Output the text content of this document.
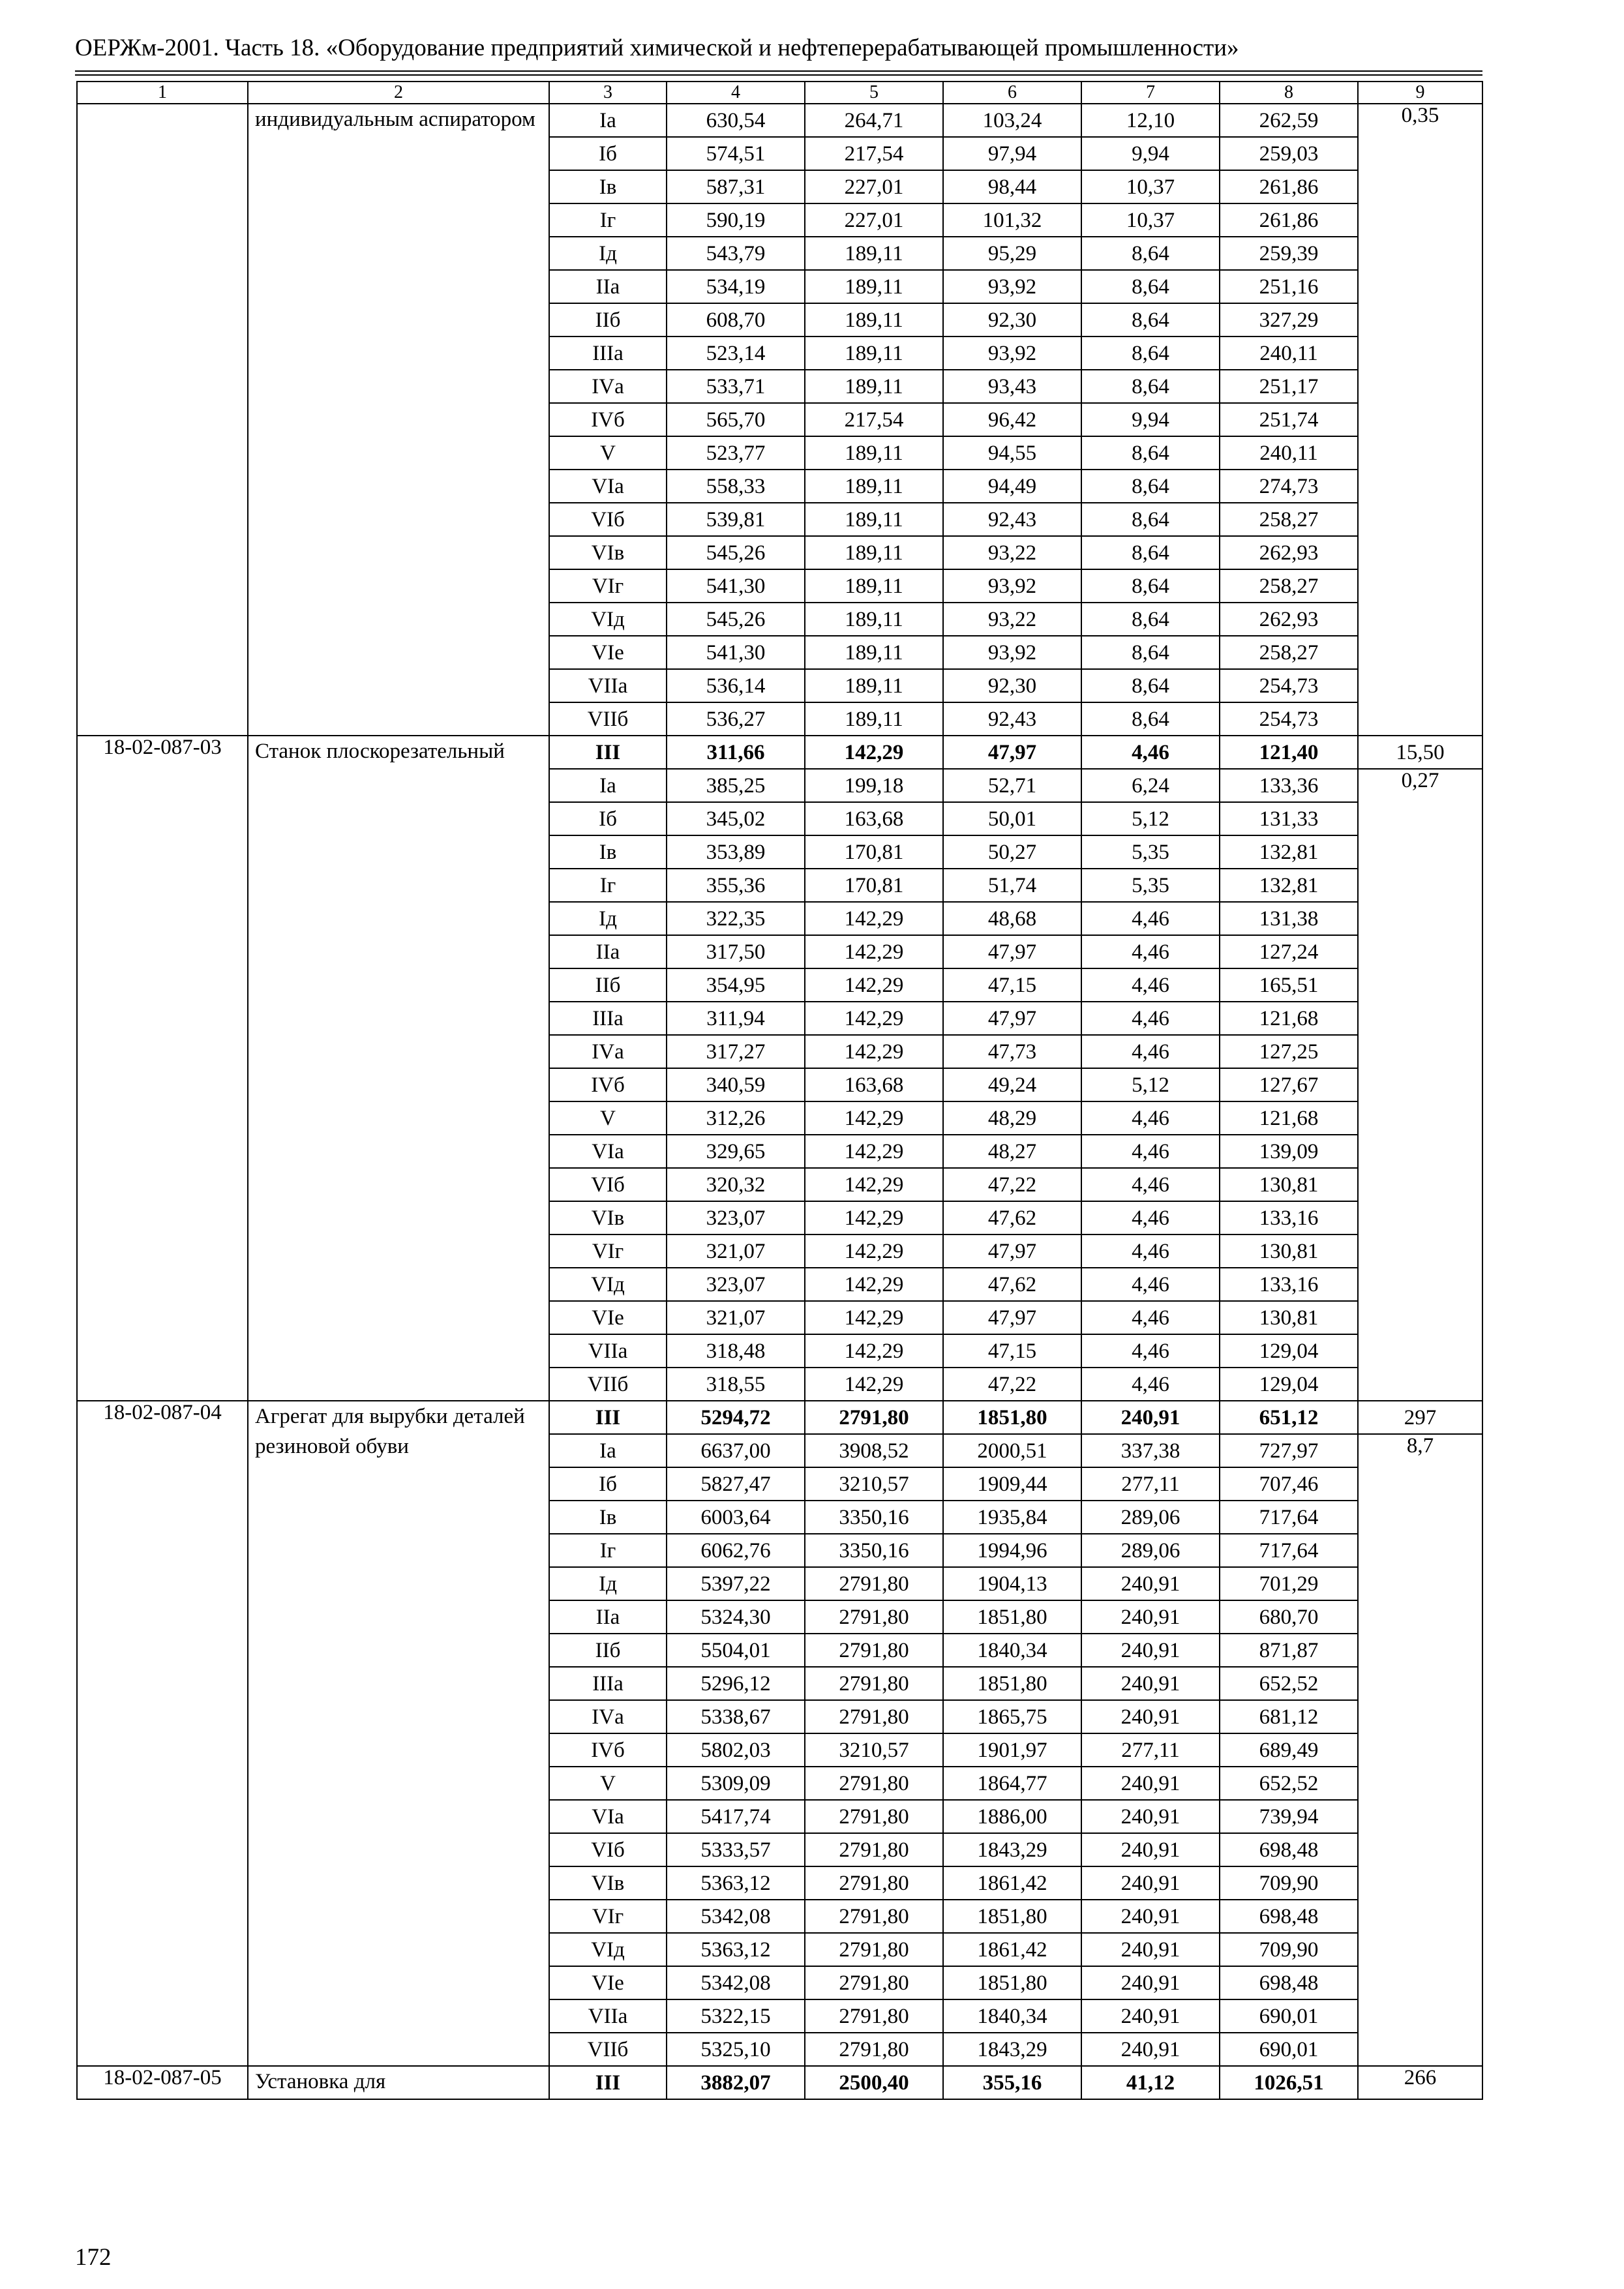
ОЕРЖм-2001. Часть 18. «Оборудование предприятий химической и нефтеперерабатывающей промышленности»
1	2	3	4	5	6	7	8	9
	индивидуальным аспиратором	Iа	630,54	264,71	103,24	12,10	262,59	0,35
		Iб	574,51	217,54	97,94	9,94	259,03	
		Iв	587,31	227,01	98,44	10,37	261,86	
		Iг	590,19	227,01	101,32	10,37	261,86	
		Iд	543,79	189,11	95,29	8,64	259,39	
		IIа	534,19	189,11	93,92	8,64	251,16	
		IIб	608,70	189,11	92,30	8,64	327,29	
		IIIа	523,14	189,11	93,92	8,64	240,11	
		IVа	533,71	189,11	93,43	8,64	251,17	
		IVб	565,70	217,54	96,42	9,94	251,74	
		V	523,77	189,11	94,55	8,64	240,11	
		VIа	558,33	189,11	94,49	8,64	274,73	
		VIб	539,81	189,11	92,43	8,64	258,27	
		VIв	545,26	189,11	93,22	8,64	262,93	
		VIг	541,30	189,11	93,92	8,64	258,27	
		VIд	545,26	189,11	93,22	8,64	262,93	
		VIе	541,30	189,11	93,92	8,64	258,27	
		VIIа	536,14	189,11	92,30	8,64	254,73	
		VIIб	536,27	189,11	92,43	8,64	254,73	
18-02-087-03	Станок плоскорезательный	III	311,66	142,29	47,97	4,46	121,40	15,50
		Iа	385,25	199,18	52,71	6,24	133,36	0,27
		Iб	345,02	163,68	50,01	5,12	131,33	
		Iв	353,89	170,81	50,27	5,35	132,81	
		Iг	355,36	170,81	51,74	5,35	132,81	
		Iд	322,35	142,29	48,68	4,46	131,38	
		IIа	317,50	142,29	47,97	4,46	127,24	
		IIб	354,95	142,29	47,15	4,46	165,51	
		IIIа	311,94	142,29	47,97	4,46	121,68	
		IVа	317,27	142,29	47,73	4,46	127,25	
		IVб	340,59	163,68	49,24	5,12	127,67	
		V	312,26	142,29	48,29	4,46	121,68	
		VIа	329,65	142,29	48,27	4,46	139,09	
		VIб	320,32	142,29	47,22	4,46	130,81	
		VIв	323,07	142,29	47,62	4,46	133,16	
		VIг	321,07	142,29	47,97	4,46	130,81	
		VIд	323,07	142,29	47,62	4,46	133,16	
		VIе	321,07	142,29	47,97	4,46	130,81	
		VIIа	318,48	142,29	47,15	4,46	129,04	
		VIIб	318,55	142,29	47,22	4,46	129,04	
18-02-087-04	Агрегат для вырубки деталей резиновой обуви	III	5294,72	2791,80	1851,80	240,91	651,12	297
		Iа	6637,00	3908,52	2000,51	337,38	727,97	8,7
		Iб	5827,47	3210,57	1909,44	277,11	707,46	
		Iв	6003,64	3350,16	1935,84	289,06	717,64	
		Iг	6062,76	3350,16	1994,96	289,06	717,64	
		Iд	5397,22	2791,80	1904,13	240,91	701,29	
		IIа	5324,30	2791,80	1851,80	240,91	680,70	
		IIб	5504,01	2791,80	1840,34	240,91	871,87	
		IIIа	5296,12	2791,80	1851,80	240,91	652,52	
		IVа	5338,67	2791,80	1865,75	240,91	681,12	
		IVб	5802,03	3210,57	1901,97	277,11	689,49	
		V	5309,09	2791,80	1864,77	240,91	652,52	
		VIа	5417,74	2791,80	1886,00	240,91	739,94	
		VIб	5333,57	2791,80	1843,29	240,91	698,48	
		VIв	5363,12	2791,80	1861,42	240,91	709,90	
		VIг	5342,08	2791,80	1851,80	240,91	698,48	
		VIд	5363,12	2791,80	1861,42	240,91	709,90	
		VIе	5342,08	2791,80	1851,80	240,91	698,48	
		VIIа	5322,15	2791,80	1840,34	240,91	690,01	
		VIIб	5325,10	2791,80	1843,29	240,91	690,01	
18-02-087-05	Установка для	III	3882,07	2500,40	355,16	41,12	1026,51	266
172
